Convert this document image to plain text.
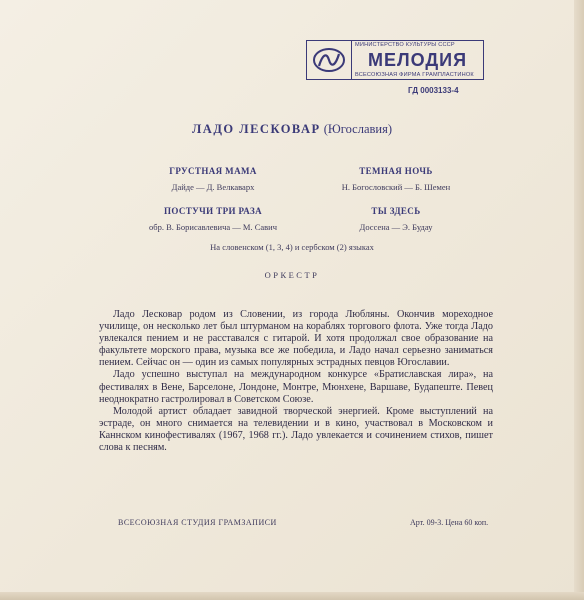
МИНИСТЕРСТВО КУЛЬТУРЫ СССР
МЕЛОДИЯ
ВСЕСОЮЗНАЯ ФИРМА ГРАМПЛАСТИНОК
ГД 0003133-4
ЛАДО ЛЕСКОВАР (Югославия)
ГРУСТНАЯ МАМА
Дайде — Д. Велкаварх
ТЕМНАЯ НОЧЬ
Н. Богословский — Б. Шемен
ПОСТУЧИ ТРИ РАЗА
обр. В. Борисавлевича — М. Савич
ТЫ ЗДЕСЬ
Доссена — Э. Будау
На словенском (1, 3, 4) и сербском (2) языках
ОРКЕСТР

Ладо Лесковар родом из Словении, из города Любляны. Окончив мореходное училище, он несколько лет был штурманом на кораблях торгового флота. Уже тогда Ладо увлекался пением и не расставался с гитарой. И хотя продолжал свое образование на факультете морского права, музыка все же победила, и Ладо начал серьезно заниматься пением. Сейчас он — один из самых популярных эстрадных певцов Югославии.

Ладо успешно выступал на международном конкурсе «Братиславская лира», на фестивалях в Вене, Барселоне, Лондоне, Монтре, Мюнхене, Варшаве, Будапеште. Певец неоднократно гастролировал в Советском Союзе.

Молодой артист обладает завидной творческой энергией. Кроме выступлений на эстраде, он много снимается на телевидении и в кино, участвовал в Московском и Каннском кинофестивалях (1967, 1968 гг.). Ладо увлекается и сочинением стихов, пишет слова к песням.

ВСЕСОЮЗНАЯ СТУДИЯ ГРАМЗАПИСИ	Арт. 09-3. Цена 60 коп.
